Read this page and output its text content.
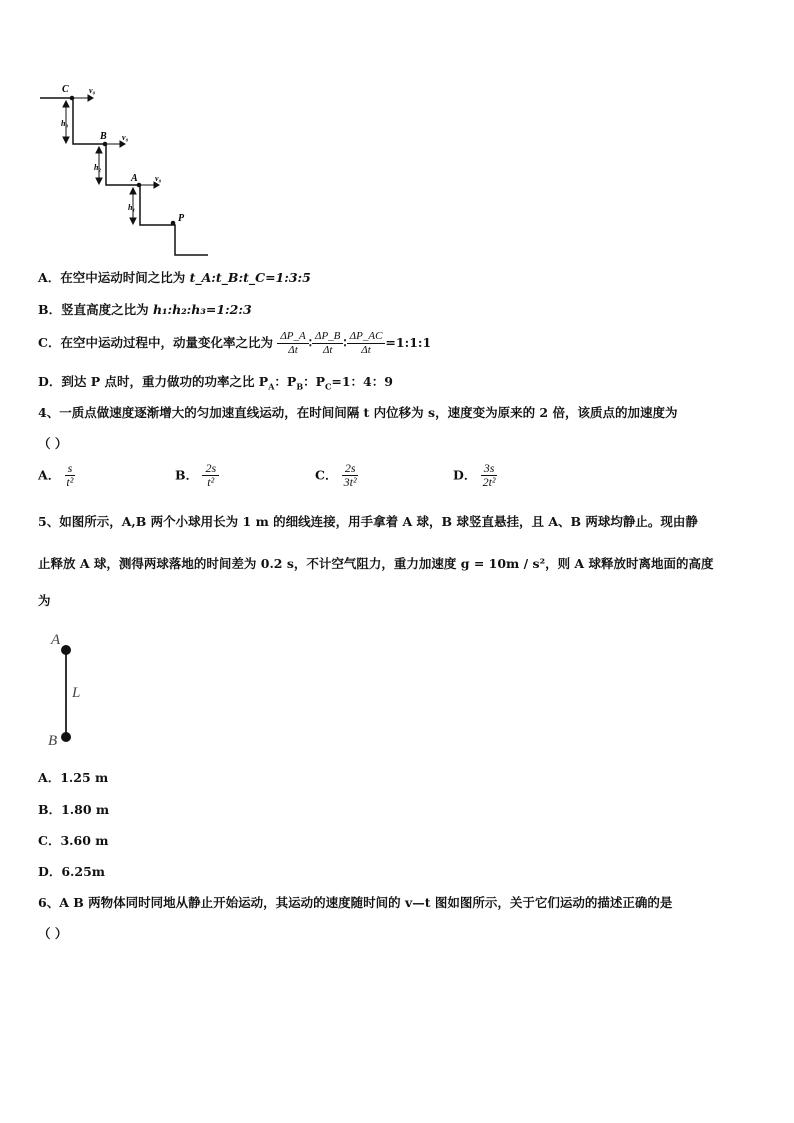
C	v₀
B v₀
A v₀
P
h₃
h₂
h₁
A．在空中运动时间之比为 t_A:t_B:t_C=1:3:5
B．竖直高度之比为 h₁:h₂:h₃=1:2:3
C．在空中运动过程中，动量变化率之比为 $\frac{\Delta P\_A}{\Delta t}$ ∶ $\frac{\Delta P\_B}{\Delta t}$ ∶ $\frac{\Delta P\_AC}{\Delta t}$ =1:1:1
D．到达 P 点时，重力做功的功率之比 $P_A$：$P_B$：$P_C=1$：4：9
4、一质点做速度逐渐增大的匀加速直线运动，在时间间隔 t 内位移为 s，速度变为原来的 2 倍，该质点的加速度为
（ ）
A． $\frac{s}{\text{t²}}$	B． $\frac{2s}{\text{t²}}$	C． $\frac{2s}{\text{3t²}}$	D． $\frac{3s}{\text{2t²}}$
5、如图所示，A,B 两个小球用长为 1 m 的细线连接，用手拿着 A 球，B 球竖直悬挂，且 A、B 两球均静止。现由静
止释放 A 球，测得两球落地的时间差为 0.2 s，不计空气阻力，重力加速度 g = 10m / s²，则 A 球释放时离地面的高度
为
A
L
B
A．1.25 m
B．1.80 m
C．3.60 m
D．6.25m
6、A B 两物体同时同地从静止开始运动，其运动的速度随时间的 v—t 图如图所示，关于它们运动的描述正确的是
（ ）
